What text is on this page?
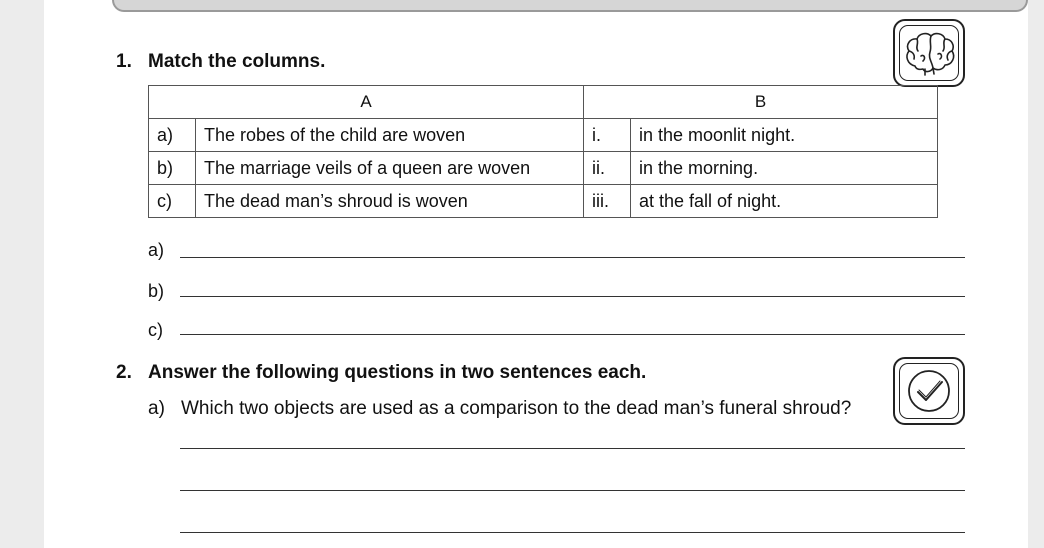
1. Match the columns.
A		B	
a)	The robes of the child are woven	i.	in the moonlit night.
b)	The marriage veils of a queen are woven	ii.	in the morning.
c)	The dead man’s shroud is woven	iii.	at the fall of night.
a)
b)
c)
2. Answer the following questions in two sentences each.
a) Which two objects are used as a comparison to the dead man’s funeral shroud?
